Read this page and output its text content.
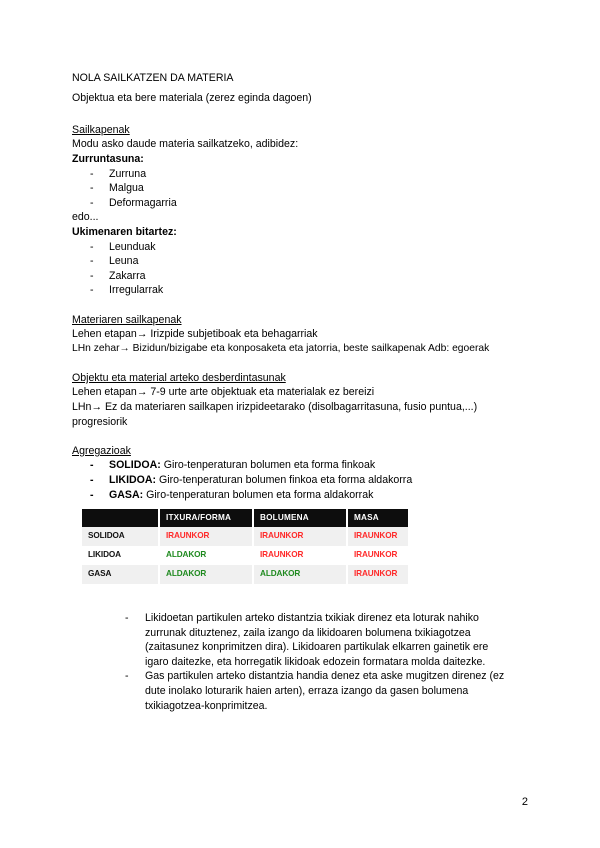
NOLA SAILKATZEN DA MATERIA
Objektua eta bere materiala (zerez eginda dagoen)
Sailkapenak
Modu asko daude materia sailkatzeko, adibidez:
Zurruntasuna:
- Zurruna
- Malgua
- Deformagarria
edo...
Ukimenaren bitartez:
- Leunduak
- Leuna
- Zakarra
- Irregularrak
Materiaren sailkapenak
Lehen etapan→ Irizpide subjetiboak eta behagarriak
LHn zehar→ Bizidun/bizigabe eta konposaketa eta jatorria, beste sailkapenak Adb: egoerak
Objektu eta material arteko desberdintasunak
Lehen etapan→ 7-9 urte arte objektuak eta materialak ez bereizi
LHn→ Ez da materiaren sailkapen irizpideetarako (disolbagarritasuna, fusio puntua,...)
progresiorik
Agregazioak
- SOLIDOA: Giro-tenperaturan bolumen eta forma finkoak
- LIKIDOA: Giro-tenperaturan bolumen finkoa eta forma aldakorra
- GASA: Giro-tenperaturan bolumen eta forma aldakorrak
	ITXURA/FORMA	BOLUMENA	MASA
SOLIDOA	IRAUNKOR	IRAUNKOR	IRAUNKOR
LIKIDOA	ALDAKOR	IRAUNKOR	IRAUNKOR
GASA	ALDAKOR	ALDAKOR	IRAUNKOR
- Likidoetan partikulen arteko distantzia txikiak direnez eta loturak nahiko
zurrunak dituztenez, zaila izango da likidoaren bolumena txikiagotzea
(zaitasunez konprimitzen dira). Likidoaren partikulak elkarren gainetik ere
igaro daitezke, eta horregatik likidoak edozein formatara molda daitezke.
- Gas partikulen arteko distantzia handia denez eta aske mugitzen direnez (ez
dute inolako loturarik haien arten), erraza izango da gasen bolumena
txikiagotzea-konprimitzea.
2
